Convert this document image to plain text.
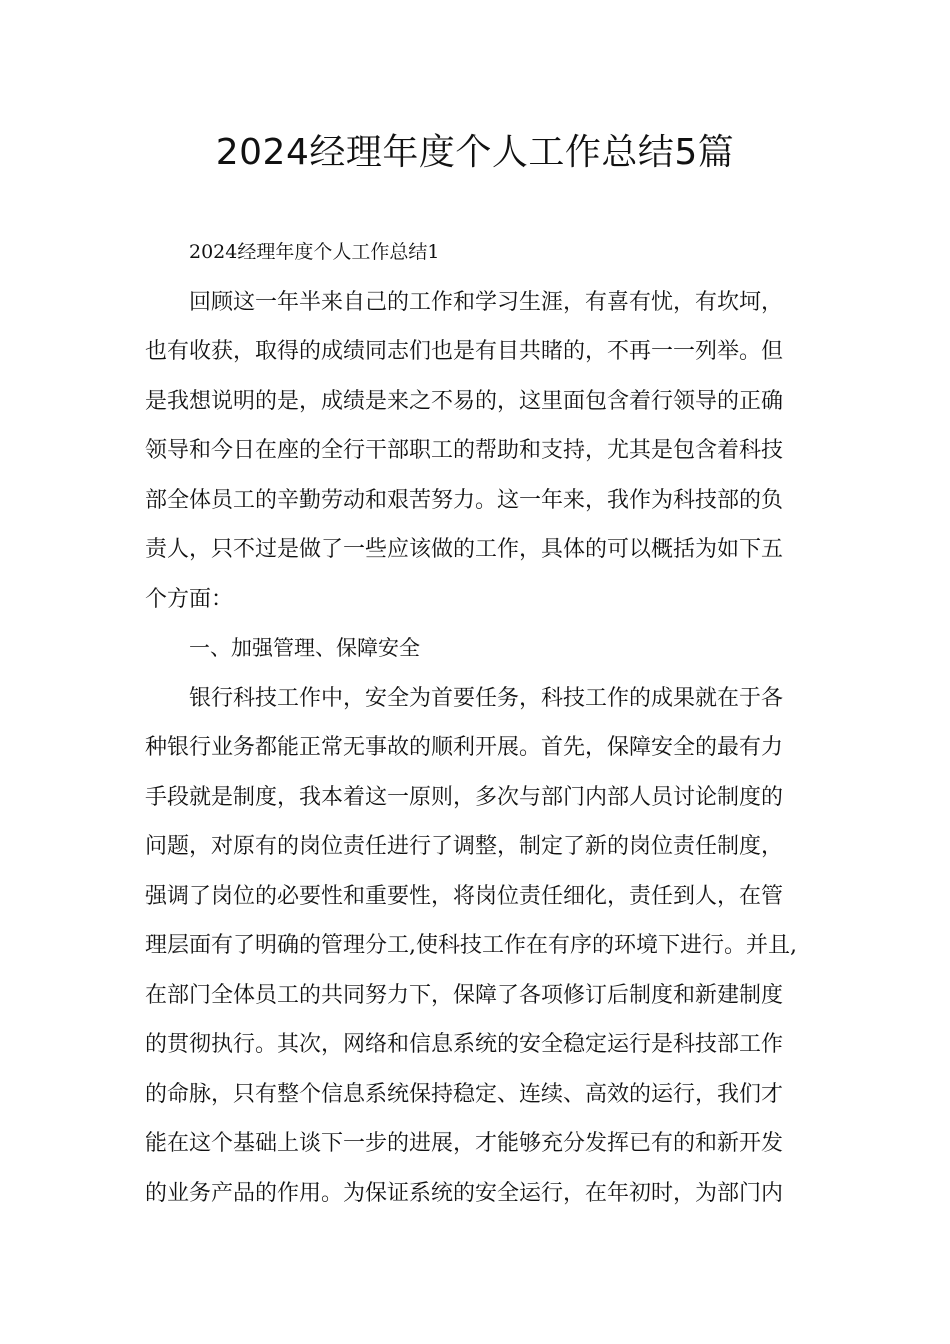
2024经理年度个人工作总结5篇
2024经理年度个人工作总结1
回顾这一年半来自己的工作和学习生涯，有喜有忧，有坎坷，
也有收获，取得的成绩同志们也是有目共睹的，不再一一列举。但
是我想说明的是，成绩是来之不易的，这里面包含着行领导的正确
领导和今日在座的全行干部职工的帮助和支持，尤其是包含着科技
部全体员工的辛勤劳动和艰苦努力。这一年来，我作为科技部的负
责人，只不过是做了一些应该做的工作，具体的可以概括为如下五
个方面：
一、加强管理、保障安全
银行科技工作中，安全为首要任务，科技工作的成果就在于各
种银行业务都能正常无事故的顺利开展。首先，保障安全的最有力
手段就是制度，我本着这一原则，多次与部门内部人员讨论制度的
问题，对原有的岗位责任进行了调整，制定了新的岗位责任制度，
强调了岗位的必要性和重要性，将岗位责任细化，责任到人，在管
理层面有了明确的管理分工,使科技工作在有序的环境下进行。并且,
在部门全体员工的共同努力下，保障了各项修订后制度和新建制度
的贯彻执行。其次，网络和信息系统的安全稳定运行是科技部工作
的命脉，只有整个信息系统保持稳定、连续、高效的运行，我们才
能在这个基础上谈下一步的进展，才能够充分发挥已有的和新开发
的业务产品的作用。为保证系统的安全运行，在年初时，为部门内
